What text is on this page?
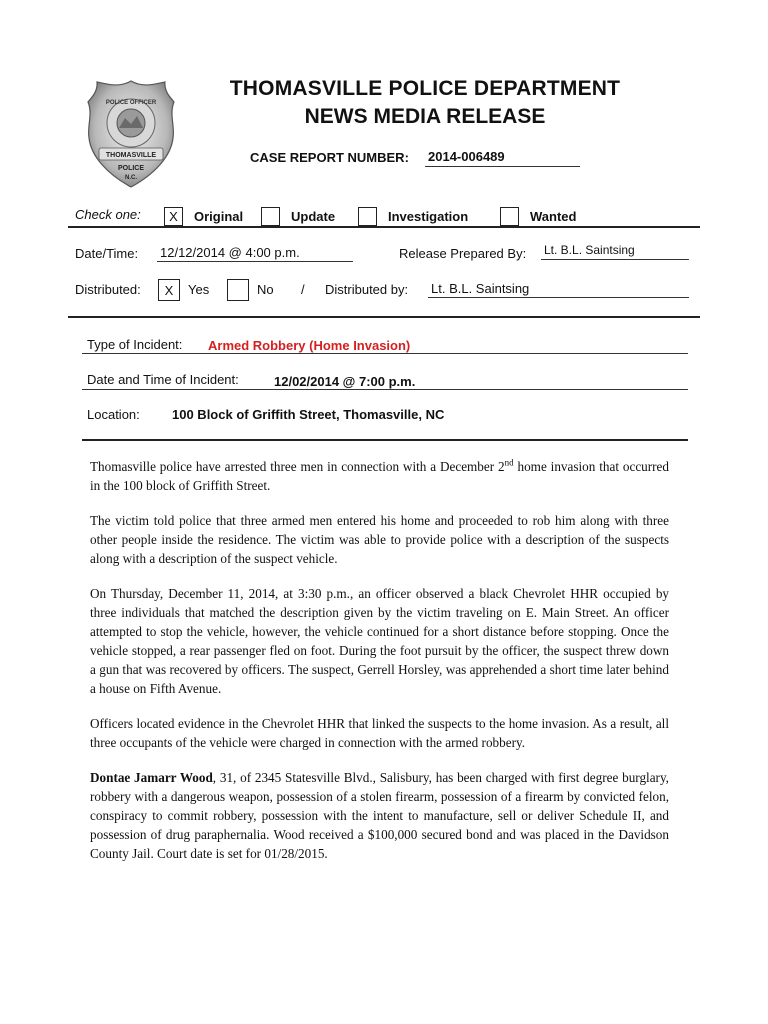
POLICE OFFICER
THOMASVILLE
POLICE
N.C.
THOMASVILLE POLICE DEPARTMENT
NEWS MEDIA RELEASE
CASE REPORT NUMBER: 2014-006489
Check one:	X	Original	Update	Investigation	Wanted
Date/Time: 12/12/2014 @ 4:00 p.m.	Release Prepared By: Lt. B.L. Saintsing
Distributed:	X	Yes	No / Distributed by: Lt. B.L. Saintsing
Type of Incident: Armed Robbery (Home Invasion)
Date and Time of Incident:	12/02/2014 @ 7:00 p.m.
Location: 100 Block of Griffith Street, Thomasville, NC

Thomasville police have arrested three men in connection with a December 2nd home invasion that occurred in the 100 block of Griffith Street.

The victim told police that three armed men entered his home and proceeded to rob him along with three other people inside the residence. The victim was able to provide police with a description of the suspects along with a description of the suspect vehicle.

On Thursday, December 11, 2014, at 3:30 p.m., an officer observed a black Chevrolet HHR occupied by three individuals that matched the description given by the victim traveling on E. Main Street. An officer attempted to stop the vehicle, however, the vehicle continued for a short distance before stopping. Once the vehicle stopped, a rear passenger fled on foot. During the foot pursuit by the officer, the suspect threw down a gun that was recovered by officers. The suspect, Gerrell Horsley, was apprehended a short time later behind a house on Fifth Avenue.

Officers located evidence in the Chevrolet HHR that linked the suspects to the home invasion. As a result, all three occupants of the vehicle were charged in connection with the armed robbery.

Dontae Jamarr Wood, 31, of 2345 Statesville Blvd., Salisbury, has been charged with first degree burglary, robbery with a dangerous weapon, possession of a stolen firearm, possession of a firearm by convicted felon, conspiracy to commit robbery, possession with the intent to manufacture, sell or deliver Schedule II, and possession of drug paraphernalia. Wood received a $100,000 secured bond and was placed in the Davidson County Jail. Court date is set for 01/28/2015.
